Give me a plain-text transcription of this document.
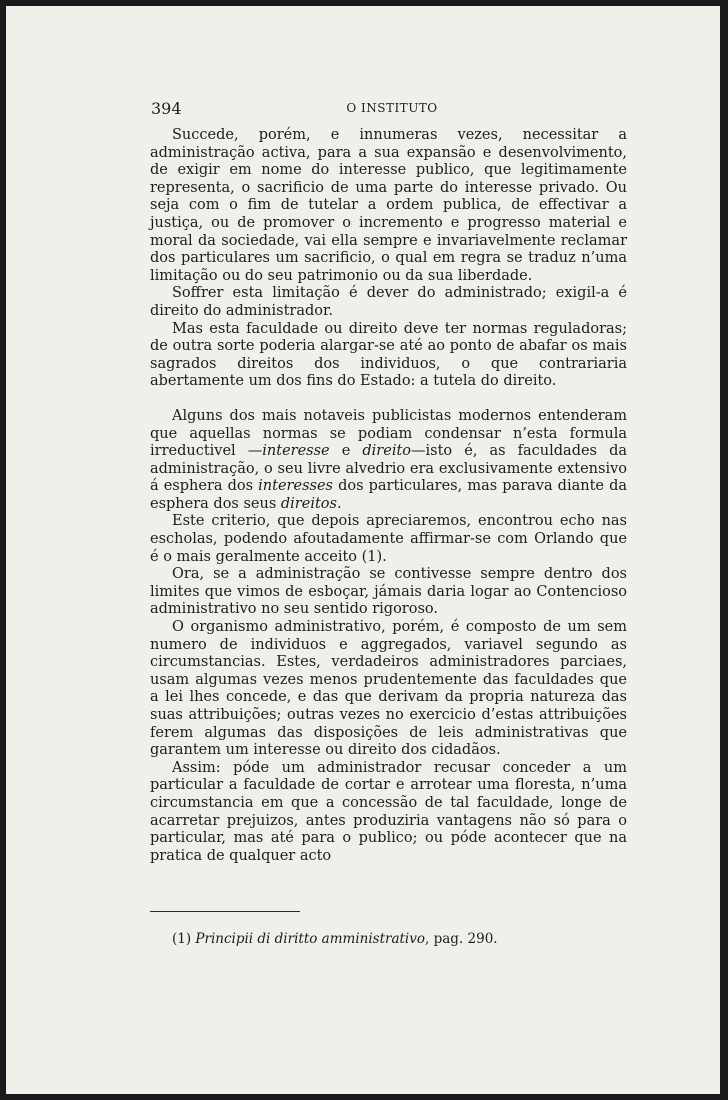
394	O INSTITUTO

Succede, porém, e innumeras vezes, necessitar a administração activa, para a sua expansão e desenvolvimento, de exigir em nome do interesse publico, que legitimamente representa, o sacrificio de uma parte do interesse privado. Ou seja com o fim de tutelar a ordem publica, de effectivar a justiça, ou de promover o incremento e progresso material e moral da sociedade, vai ella sempre e invariavelmente reclamar dos particulares um sacrificio, o qual em regra se traduz n’uma limitação ou do seu patrimonio ou da sua liberdade.

Soffrer esta limitação é dever do administrado; exigil-a é direito do administrador.

Mas esta faculdade ou direito deve ter normas reguladoras; de outra sorte poderia alargar-se até ao ponto de abafar os mais sagrados direitos dos individuos, o que contrariaria abertamente um dos fins do Estado: a tutela do direito.

Alguns dos mais notaveis publicistas modernos entenderam que aquellas normas se podiam condensar n’esta formula irreductivel —interesse e direito—isto é, as faculdades da administração, o seu livre alvedrio era exclusivamente extensivo á esphera dos interesses dos particulares, mas parava diante da esphera dos seus direitos.

Este criterio, que depois apreciaremos, encontrou echo nas escholas, podendo afoutadamente affirmar-se com Orlando que é o mais geralmente acceito (1).

Ora, se a administração se contivesse sempre dentro dos limites que vimos de esboçar, jámais daria logar ao Contencioso administrativo no seu sentido rigoroso.

O organismo administrativo, porém, é composto de um sem numero de individuos e aggregados, variavel segundo as circumstancias. Estes, verdadeiros administradores parciaes, usam algumas vezes menos prudentemente das faculdades que a lei lhes concede, e das que derivam da propria natureza das suas attribuições; outras vezes no exercicio d’estas attribuições ferem algumas das disposições de leis administrativas que garantem um interesse ou direito dos cidadãos.

Assim: póde um administrador recusar conceder a um particular a faculdade de cortar e arrotear uma floresta, n’uma circumstancia em que a concessão de tal faculdade, longe de acarretar prejuizos, antes produziria vantagens não só para o particular, mas até para o publico; ou póde acontecer que na pratica de qualquer acto

(1) Principii di diritto amministrativo, pag. 290.
